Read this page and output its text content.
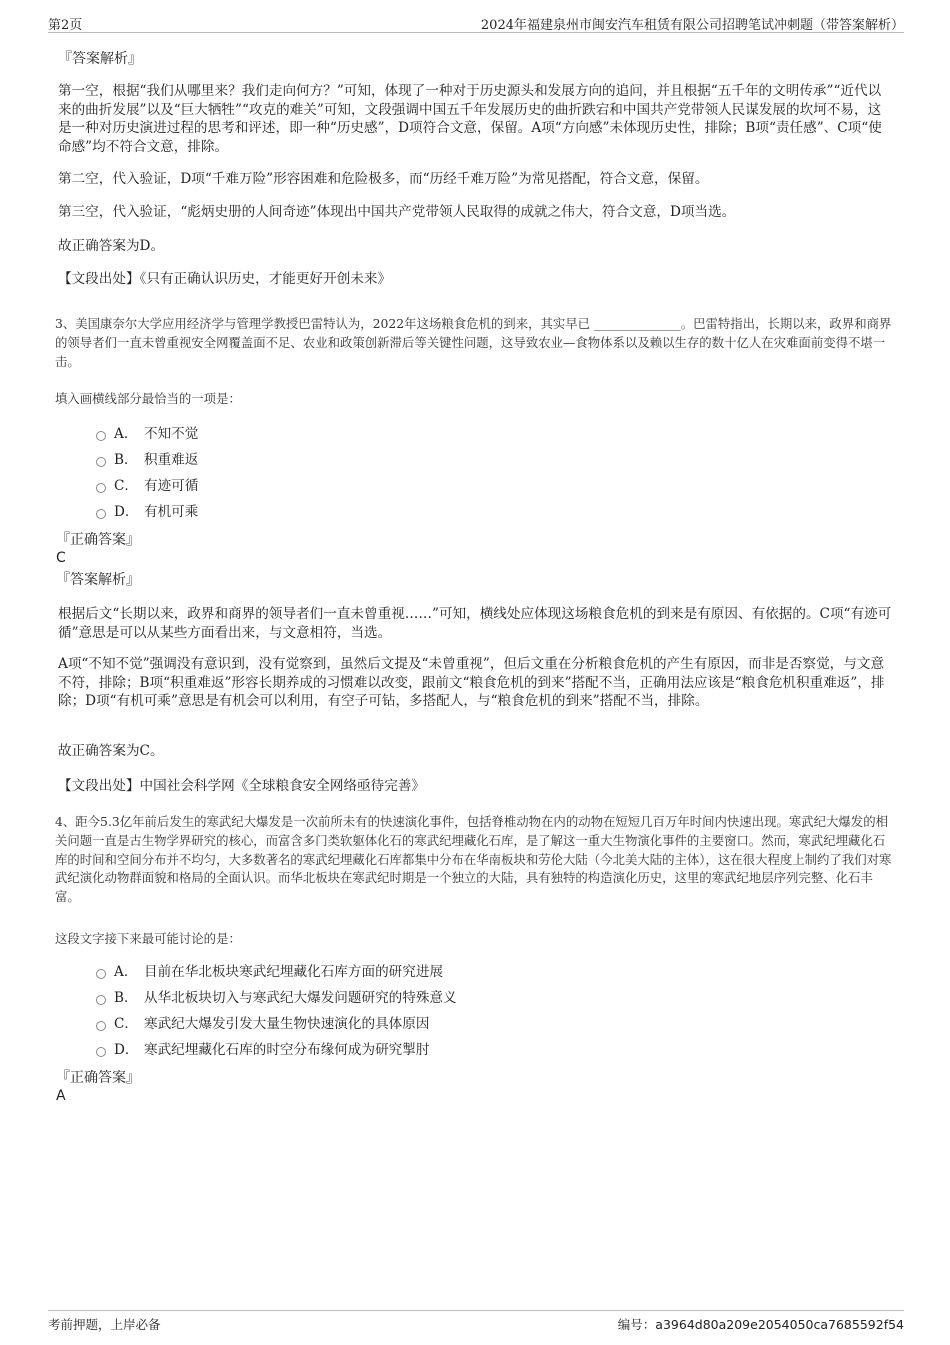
第2页	2024年福建泉州市闽安汽车租赁有限公司招聘笔试冲刺题（带答案解析）
『答案解析』
第一空，根据“我们从哪里来？我们走向何方？”可知，体现了一种对于历史源头和发展方向的追问，并且根据“五千年的文明传承”“近代以来的曲折发展”以及“巨大牺牲”“攻克的难关”可知，文段强调中国五千年发展历史的曲折跌宕和中国共产党带领人民谋发展的坎坷不易，这是一种对历史演进过程的思考和评述，即一种“历史感”，D项符合文意，保留。A项“方向感”未体现历史性，排除；B项“责任感”、C项“使命感”均不符合文意，排除。
第二空，代入验证，D项“千难万险”形容困难和危险极多，而“历经千难万险”为常见搭配，符合文意，保留。
第三空，代入验证，“彪炳史册的人间奇迹”体现出中国共产党带领人民取得的成就之伟大，符合文意，D项当选。
故正确答案为D。
【文段出处】《只有正确认识历史，才能更好开创未来》
3、美国康奈尔大学应用经济学与管理学教授巴雷特认为，2022年这场粮食危机的到来，其实早已 ______________。巴雷特指出，长期以来，政界和商界的领导者们一直未曾重视安全网覆盖面不足、农业和政策创新滞后等关键性问题，这导致农业—食物体系以及赖以生存的数十亿人在灾难面前变得不堪一击。
填入画横线部分最恰当的一项是：
A． 不知不觉
B． 积重难返
C． 有迹可循
D． 有机可乘
『正确答案』
C
『答案解析』
根据后文“长期以来，政界和商界的领导者们一直未曾重视……”可知，横线处应体现这场粮食危机的到来是有原因、有依据的。C项“有迹可循”意思是可以从某些方面看出来，与文意相符，当选。
A项“不知不觉”强调没有意识到，没有觉察到，虽然后文提及“未曾重视”，但后文重在分析粮食危机的产生有原因，而非是否察觉，与文意不符，排除；B项“积重难返”形容长期养成的习惯难以改变，跟前文“粮食危机的到来”搭配不当，正确用法应该是“粮食危机积重难返”，排除；D项“有机可乘”意思是有机会可以利用，有空子可钻，多搭配人，与“粮食危机的到来”搭配不当，排除。
故正确答案为C。
【文段出处】中国社会科学网《全球粮食安全网络亟待完善》
4、距今5.3亿年前后发生的寒武纪大爆发是一次前所未有的快速演化事件，包括脊椎动物在内的动物在短短几百万年时间内快速出现。寒武纪大爆发的相关问题一直是古生物学界研究的核心，而富含多门类软躯体化石的寒武纪埋藏化石库，是了解这一重大生物演化事件的主要窗口。然而，寒武纪埋藏化石库的时间和空间分布并不均匀，大多数著名的寒武纪埋藏化石库都集中分布在华南板块和劳伦大陆（今北美大陆的主体），这在很大程度上制约了我们对寒武纪演化动物群面貌和格局的全面认识。而华北板块在寒武纪时期是一个独立的大陆，具有独特的构造演化历史，这里的寒武纪地层序列完整、化石丰富。
这段文字接下来最可能讨论的是：
A． 目前在华北板块寒武纪埋藏化石库方面的研究进展
B． 从华北板块切入与寒武纪大爆发问题研究的特殊意义
C． 寒武纪大爆发引发大量生物快速演化的具体原因
D． 寒武纪埋藏化石库的时空分布缘何成为研究掣肘
『正确答案』
A
考前押题，上岸必备	编号：a3964d80a209e2054050ca7685592f54
